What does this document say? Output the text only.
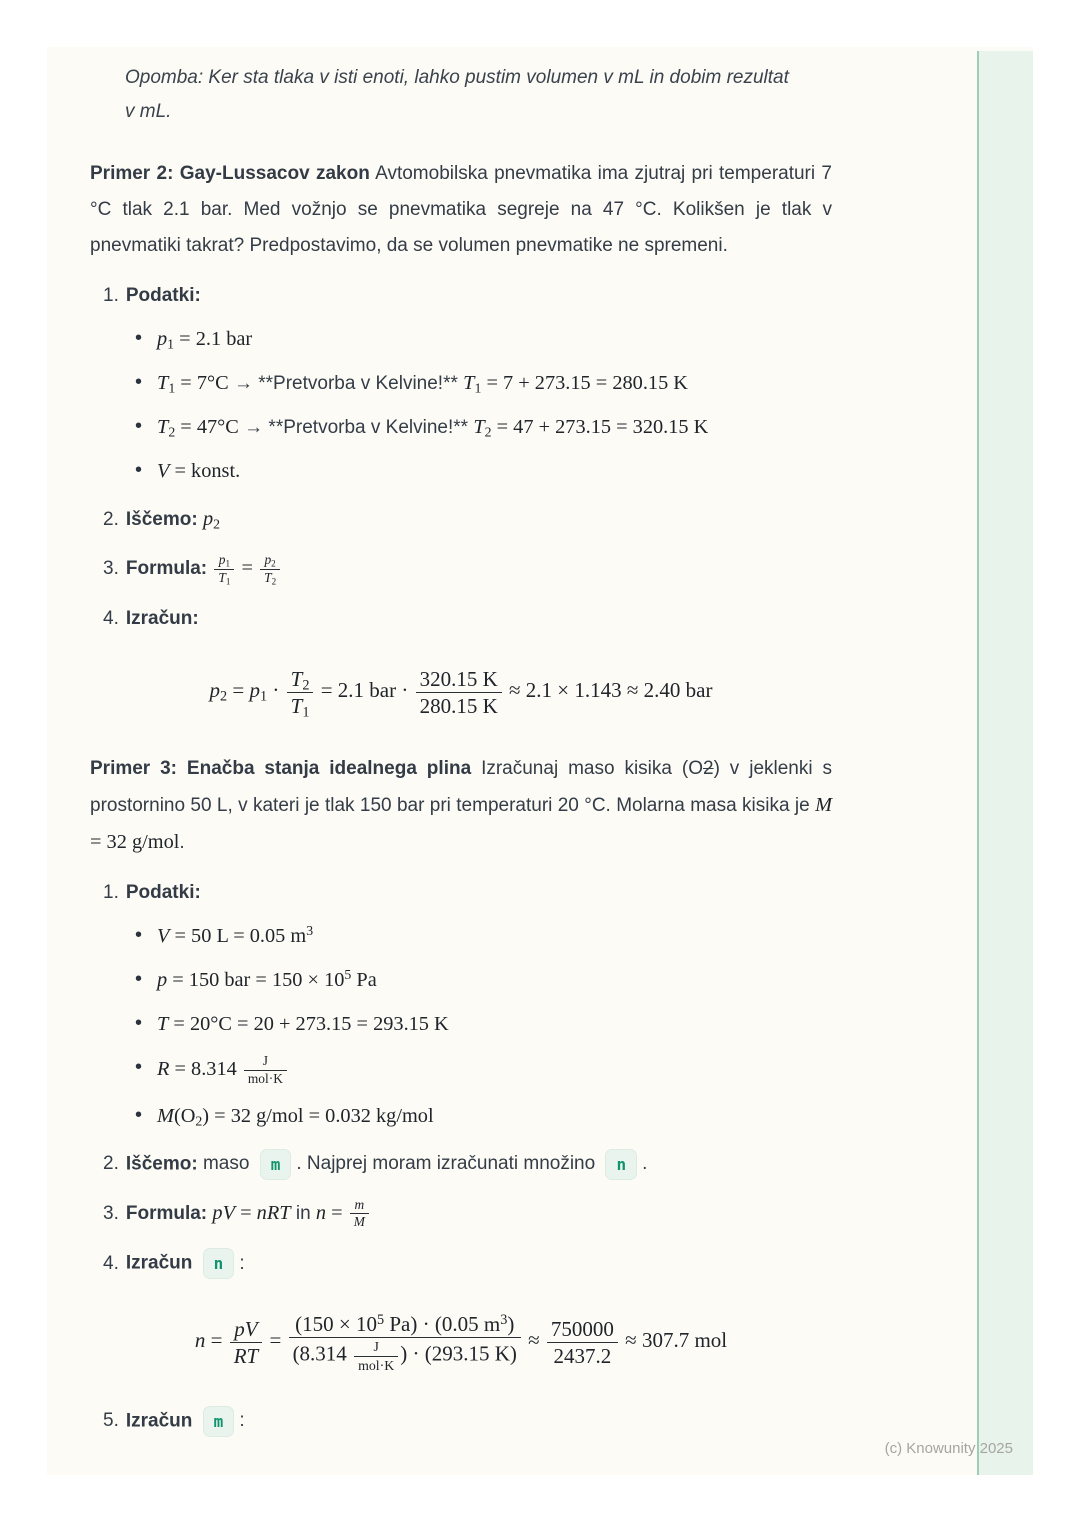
Opomba: Ker sta tlaka v isti enoti, lahko pustim volumen v mL in dobim rezultat v mL.

Primer 2: Gay-Lussacov zakon Avtomobilska pnevmatika ima zjutraj pri temperaturi 7 °C tlak 2.1 bar. Med vožnjo se pnevmatika segreje na 47 °C. Kolikšen je tlak v pnevmatiki takrat? Predpostavimo, da se volumen pnevmatike ne spremeni.

1. Podatki:
• $p_1 = 2.1$ bar
• $T_1 = 7^\circ C$ → **Pretvorba v Kelvine!** $T_1 = 7 + 273.15 = 280.15$ K
• $T_2 = 47^\circ C$ → **Pretvorba v Kelvine!** $T_2 = 47 + 273.15 = 320.15$ K
• V = konst.
2. Iščemo: $p_2$
3. Formula: $\frac{p_1}{T_1} = \frac{p_2}{T_2}$
4. Izračun:
$p_2 = p_1 \cdot \frac{T_2}{T_1} = 2.1$ bar · $\frac{320.15 K}{280.15 K} \approx 2.1 \times 1.143 \approx 2.40$ bar

Primer 3: Enačba stanja idealnega plina Izračunaj maso kisika (O2) v jeklenki s prostornino 50 L, v kateri je tlak 150 bar pri temperaturi 20 °C. Molarna masa kisika je M = 32 g/mol.

1. Podatki:
• V = 50 L = 0.05 $m^3$
• p = 150 bar = $150 \times 10^5$ Pa
• T = 20°C = 20 + 273.15 = 293.15 K
• $R = 8.314 \frac{J}{\text{mol·K}}$
• $M(O_2) = 32$ g/mol = 0.032 kg/mol
2. Iščemo: maso m . Najprej moram izračunati množino n .
3. Formula: pV = nRT in $n = \frac{m}{M}$
4. Izračun n :
$n = \frac{pV}{RT} = \frac{(150 \times 10^5 Pa) \cdot (0.05 m^3)}{(8.314 \frac{J}{\text{mol·K}} ) \cdot (293.15 K)} \approx \frac{750000}{2437.2} \approx 307.7$ mol
5. Izračun m :
(c) Knowunity 2025
